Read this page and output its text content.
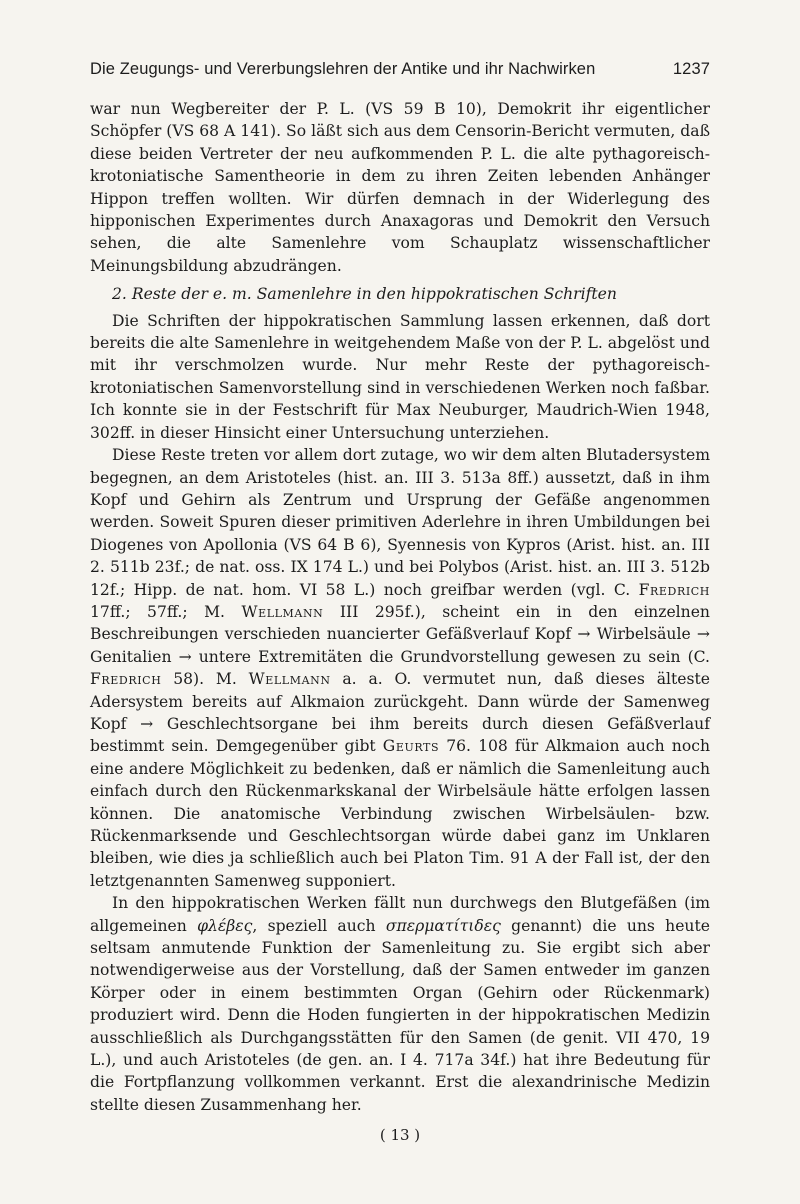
Die Zeugungs- und Vererbungslehren der Antike und ihr Nachwirken	1237

war nun Wegbereiter der P. L. (VS 59 B 10), Demokrit ihr eigentlicher Schöpfer (VS 68 A 141). So läßt sich aus dem Censorin-Bericht vermuten, daß diese beiden Vertreter der neu aufkommenden P. L. die alte pythagoreisch-krotoniatische Samentheorie in dem zu ihren Zeiten lebenden Anhänger Hippon treffen wollten. Wir dürfen demnach in der Widerlegung des hipponischen Experimentes durch Anaxagoras und Demokrit den Versuch sehen, die alte Samenlehre vom Schauplatz wissenschaftlicher Meinungsbildung abzudrängen.

2. Reste der e. m. Samenlehre in den hippokratischen Schriften

Die Schriften der hippokratischen Sammlung lassen erkennen, daß dort bereits die alte Samenlehre in weitgehendem Maße von der P. L. abgelöst und mit ihr verschmolzen wurde. Nur mehr Reste der pythagoreisch-krotoniatischen Samenvorstellung sind in verschiedenen Werken noch faßbar. Ich konnte sie in der Festschrift für Max Neuburger, Maudrich-Wien 1948, 302ff. in dieser Hinsicht einer Untersuchung unterziehen.

Diese Reste treten vor allem dort zutage, wo wir dem alten Blutadersystem begegnen, an dem Aristoteles (hist. an. III 3. 513a 8ff.) aussetzt, daß in ihm Kopf und Gehirn als Zentrum und Ursprung der Gefäße angenommen werden. Soweit Spuren dieser primitiven Aderlehre in ihren Umbildungen bei Diogenes von Apollonia (VS 64 B 6), Syennesis von Kypros (Arist. hist. an. III 2. 511b 23f.; de nat. oss. IX 174 L.) und bei Polybos (Arist. hist. an. III 3. 512b 12f.; Hipp. de nat. hom. VI 58 L.) noch greifbar werden (vgl. C. Fredrich 17ff.; 57ff.; M. Wellmann III 295f.), scheint ein in den einzelnen Beschreibungen verschieden nuancierter Gefäßverlauf Kopf → Wirbelsäule → Genitalien → untere Extremitäten die Grundvorstellung gewesen zu sein (C. Fredrich 58). M. Wellmann a. a. O. vermutet nun, daß dieses älteste Adersystem bereits auf Alkmaion zurückgeht. Dann würde der Samenweg Kopf → Geschlechtsorgane bei ihm bereits durch diesen Gefäßverlauf bestimmt sein. Demgegenüber gibt Geurts 76. 108 für Alkmaion auch noch eine andere Möglichkeit zu bedenken, daß er nämlich die Samenleitung auch einfach durch den Rückenmarkskanal der Wirbelsäule hätte erfolgen lassen können. Die anatomische Verbindung zwischen Wirbelsäulen- bzw. Rückenmarksende und Geschlechtsorgan würde dabei ganz im Unklaren bleiben, wie dies ja schließlich auch bei Platon Tim. 91 A der Fall ist, der den letztgenannten Samenweg supponiert.

In den hippokratischen Werken fällt nun durchwegs den Blutgefäßen (im allgemeinen φλέβες, speziell auch σπερματίτιδες genannt) die uns heute seltsam anmutende Funktion der Samenleitung zu. Sie ergibt sich aber notwendigerweise aus der Vorstellung, daß der Samen entweder im ganzen Körper oder in einem bestimmten Organ (Gehirn oder Rückenmark) produziert wird. Denn die Hoden fungierten in der hippokratischen Medizin ausschließlich als Durchgangsstätten für den Samen (de genit. VII 470, 19 L.), und auch Aristoteles (de gen. an. I 4. 717a 34f.) hat ihre Bedeutung für die Fortpflanzung vollkommen verkannt. Erst die alexandrinische Medizin stellte diesen Zusammenhang her.

( 13 )
